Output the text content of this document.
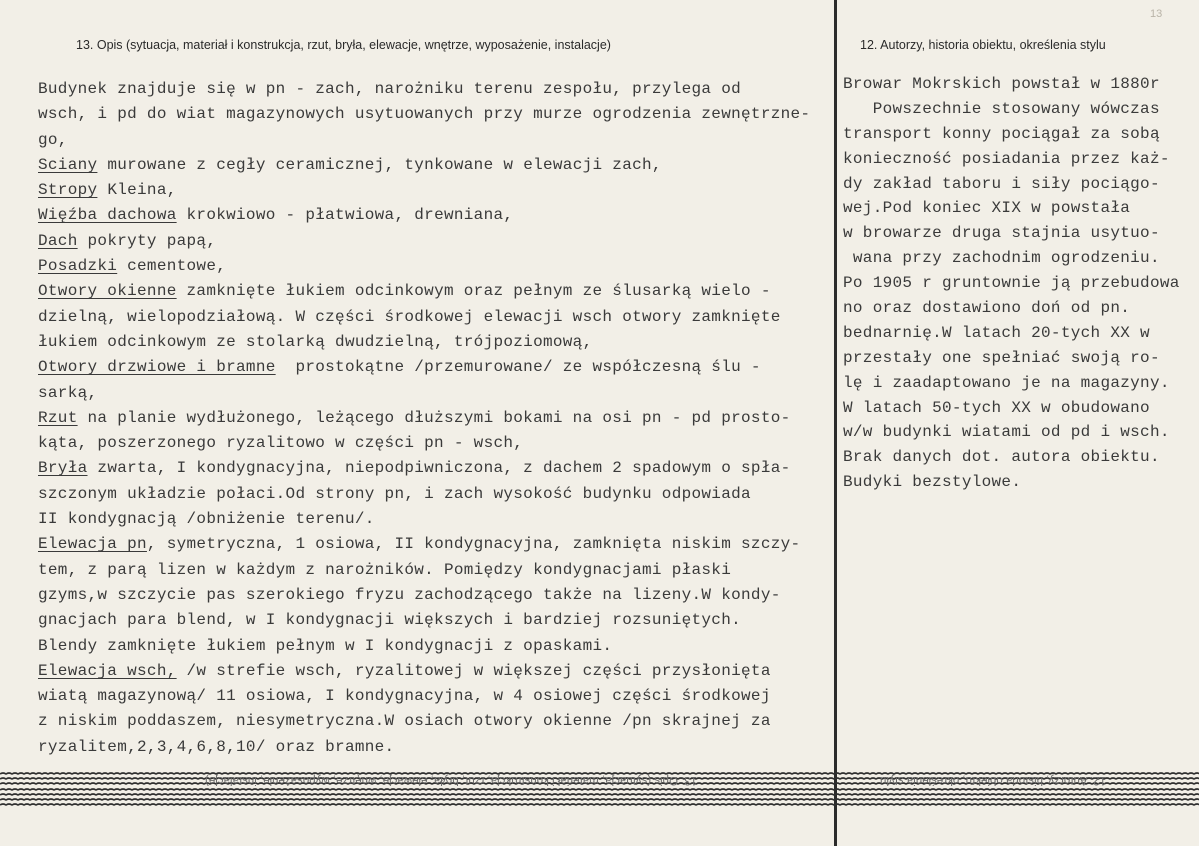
13. Opis (sytuacja, materiał i konstrukcja, rzut, bryła, elewacje, wnętrze, wyposażenie, instalacje)	12. Autorzy, historia obiektu, określenia stylu
13
Budynek znajduje się w pn - zach, narożniku terenu zespołu, przylega od
wsch, i pd do wiat magazynowych usytuowanych przy murze ogrodzenia zewnętrzne-
go,
Sciany murowane z cegły ceramicznej, tynkowane w elewacji zach,
Stropy Kleina,
Więźba dachowa krokwiowo - płatwiowa, drewniana,
Dach pokryty papą,
Posadzki cementowe,
Otwory okienne zamknięte łukiem odcinkowym oraz pełnym ze ślusarką wielo -
dzielną, wielopodziałową. W części środkowej elewacji wsch otwory zamknięte
łukiem odcinkowym ze stolarką dwudzielną, trójpoziomową,
Otwory drzwiowe i bramne  prostokątne /przemurowane/ ze współczesną ślu -
sarką,
Rzut na planie wydłużonego, leżącego dłuższymi bokami na osi pn - pd prosto-
kąta, poszerzonego ryzalitowo w części pn - wsch,
Bryła zwarta, I kondygnacyjna, niepodpiwniczona, z dachem 2 spadowym o spła-
szczonym układzie połaci.Od strony pn, i zach wysokość budynku odpowiada
II kondygnacją /obniżenie terenu/.
Elewacja pn, symetryczna, 1 osiowa, II kondygnacyjna, zamknięta niskim szczy-
tem, z parą lizen w każdym z narożników. Pomiędzy kondygnacjami płaski
gzyms,w szczycie pas szerokiego fryzu zachodzącego także na lizeny.W kondy-
gnacjach para blend, w I kondygnacji większych i bardziej rozsuniętych.
Blendy zamknięte łukiem pełnym w I kondygnacji z opaskami.
Elewacja wsch, /w strefie wsch, ryzalitowej w większej części przysłonięta
wiatą magazynową/ 11 osiowa, I kondygnacyjna, w 4 osiowej części środkowej
z niskim poddaszem, niesymetryczna.W osiach otwory okienne /pn skrajnej za
ryzalitem,2,3,4,6,8,10/ oraz bramne.
Browar Mokrskich powstał w 1880r
Powszechnie stosowany wówczas
transport konny pociągał za sobą
konieczność posiadania przez każ-
dy zakład taboru i siły pociągo-
wej.Pod koniec XIX w powstała
w browarze druga stajnia usytuo-
wana przy zachodnim ogrodzeniu.
Po 1905 r gruntownie ją przebudowa
no oraz dostawiono doń od pn.
bednarnię.W latach 20-tych XX w
przestały one spełniać swoją ro-
lę i zaadaptowano je na magazyny.
W latach 50-tych XX w obudowano
w/w budynki wiatami od pd i wsch.
Brak danych dot. autora obiektu.
Budyki bezstylowe.
13. Opis (sytuacja, materiał i konstrukcja, rzut, bryła, elewacje, wnętrze, wyposażenie, instalacje)	12. Autorzy, historia obiektu, określenia stylu
